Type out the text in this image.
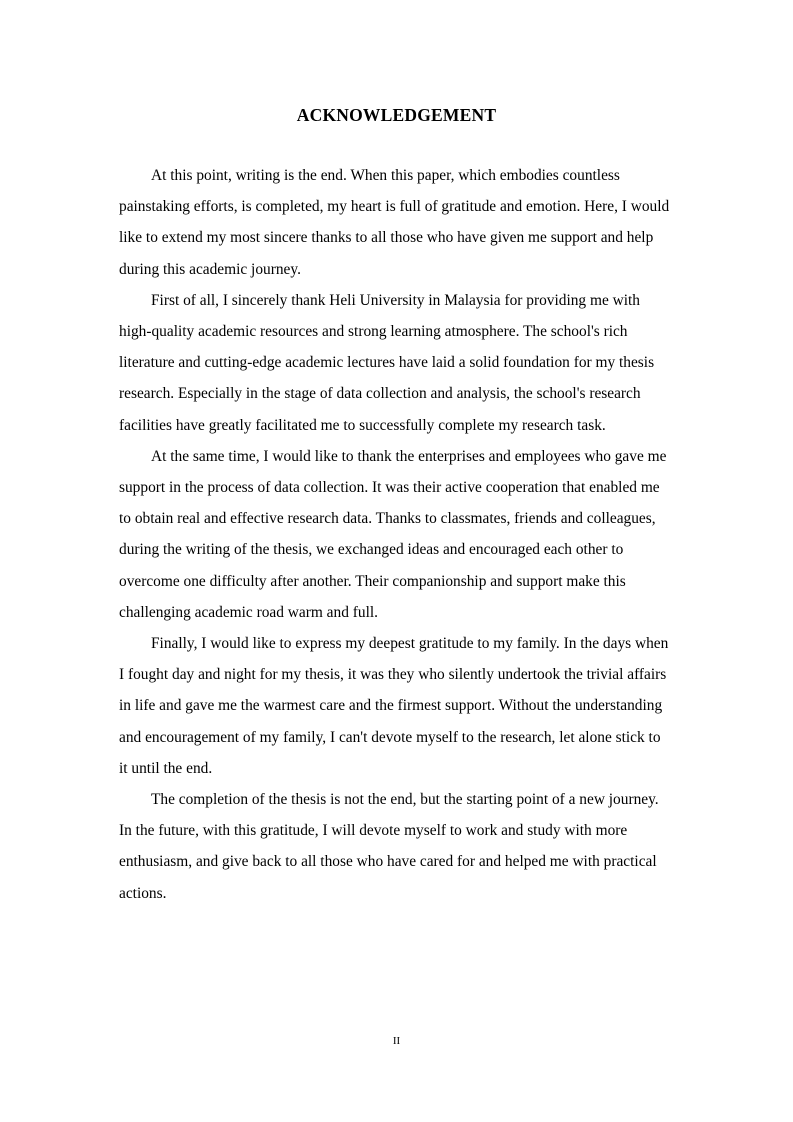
ACKNOWLEDGEMENT

At this point, writing is the end. When this paper, which embodies countless painstaking efforts, is completed, my heart is full of gratitude and emotion. Here, I would like to extend my most sincere thanks to all those who have given me support and help during this academic journey.

First of all, I sincerely thank Heli University in Malaysia for providing me with high-quality academic resources and strong learning atmosphere. The school's rich literature and cutting-edge academic lectures have laid a solid foundation for my thesis research. Especially in the stage of data collection and analysis, the school's research facilities have greatly facilitated me to successfully complete my research task.

At the same time, I would like to thank the enterprises and employees who gave me support in the process of data collection. It was their active cooperation that enabled me to obtain real and effective research data. Thanks to classmates, friends and colleagues, during the writing of the thesis, we exchanged ideas and encouraged each other to overcome one difficulty after another. Their companionship and support make this challenging academic road warm and full.

Finally, I would like to express my deepest gratitude to my family. In the days when I fought day and night for my thesis, it was they who silently undertook the trivial affairs in life and gave me the warmest care and the firmest support. Without the understanding and encouragement of my family, I can't devote myself to the research, let alone stick to it until the end.

The completion of the thesis is not the end, but the starting point of a new journey. In the future, with this gratitude, I will devote myself to work and study with more enthusiasm, and give back to all those who have cared for and helped me with practical actions.

II
